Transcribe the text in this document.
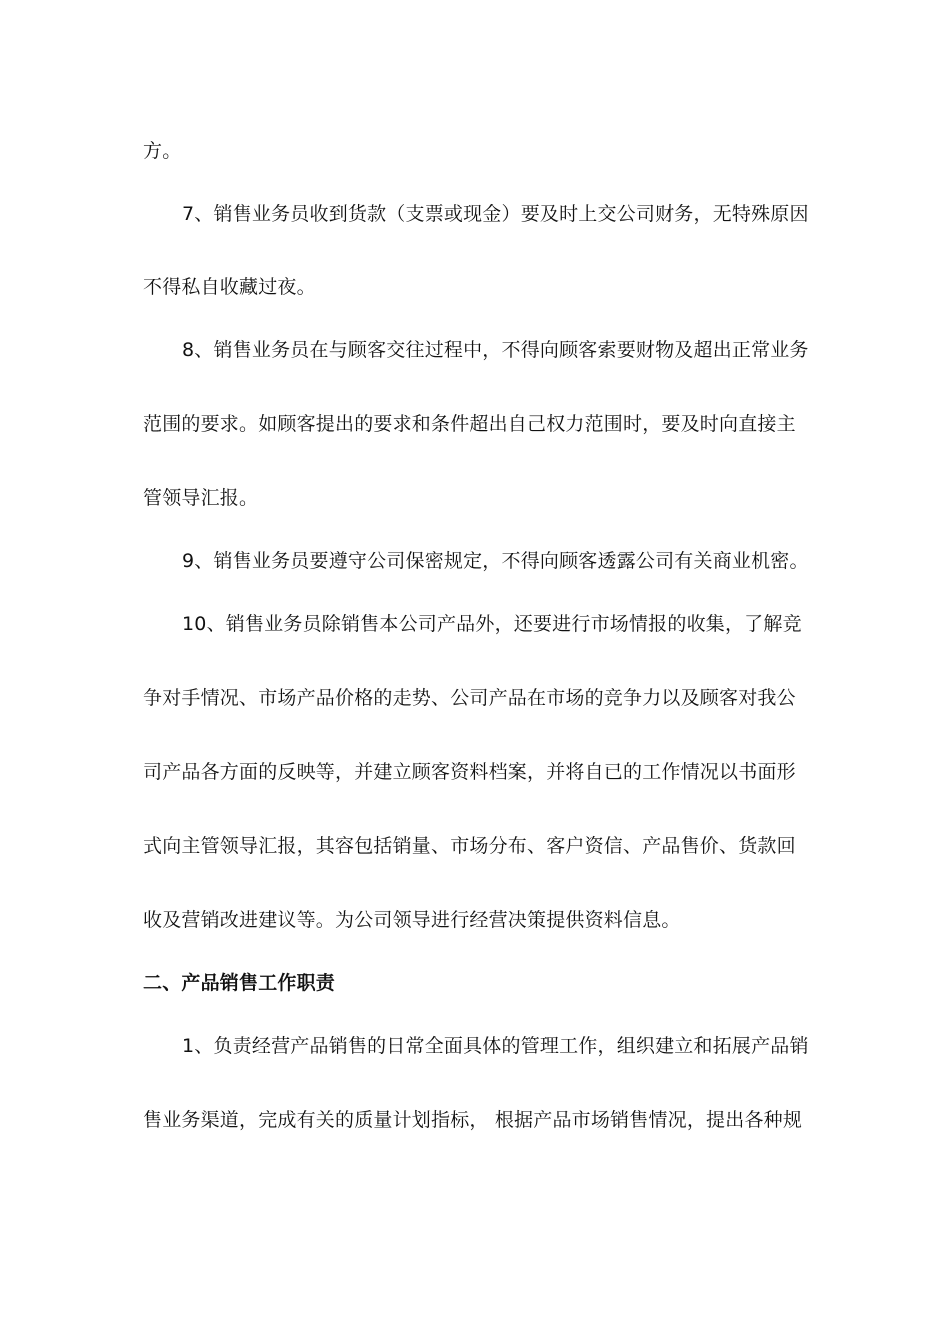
方。
7、销售业务员收到货款（支票或现金）要及时上交公司财务，无特殊原因
不得私自收藏过夜。
8、销售业务员在与顾客交往过程中，不得向顾客索要财物及超出正常业务
范围的要求。如顾客提出的要求和条件超出自己权力范围时，要及时向直接主
管领导汇报。
9、销售业务员要遵守公司保密规定，不得向顾客透露公司有关商业机密。
10、销售业务员除销售本公司产品外，还要进行市场情报的收集，了解竞
争对手情况、市场产品价格的走势、公司产品在市场的竞争力以及顾客对我公
司产品各方面的反映等，并建立顾客资料档案，并将自已的工作情况以书面形
式向主管领导汇报，其容包括销量、市场分布、客户资信、产品售价、货款回
收及营销改进建议等。为公司领导进行经营决策提供资料信息。
二、产品销售工作职责
1、负责经营产品销售的日常全面具体的管理工作，组织建立和拓展产品销
售业务渠道，完成有关的质量计划指标， 根据产品市场销售情况，提出各种规
